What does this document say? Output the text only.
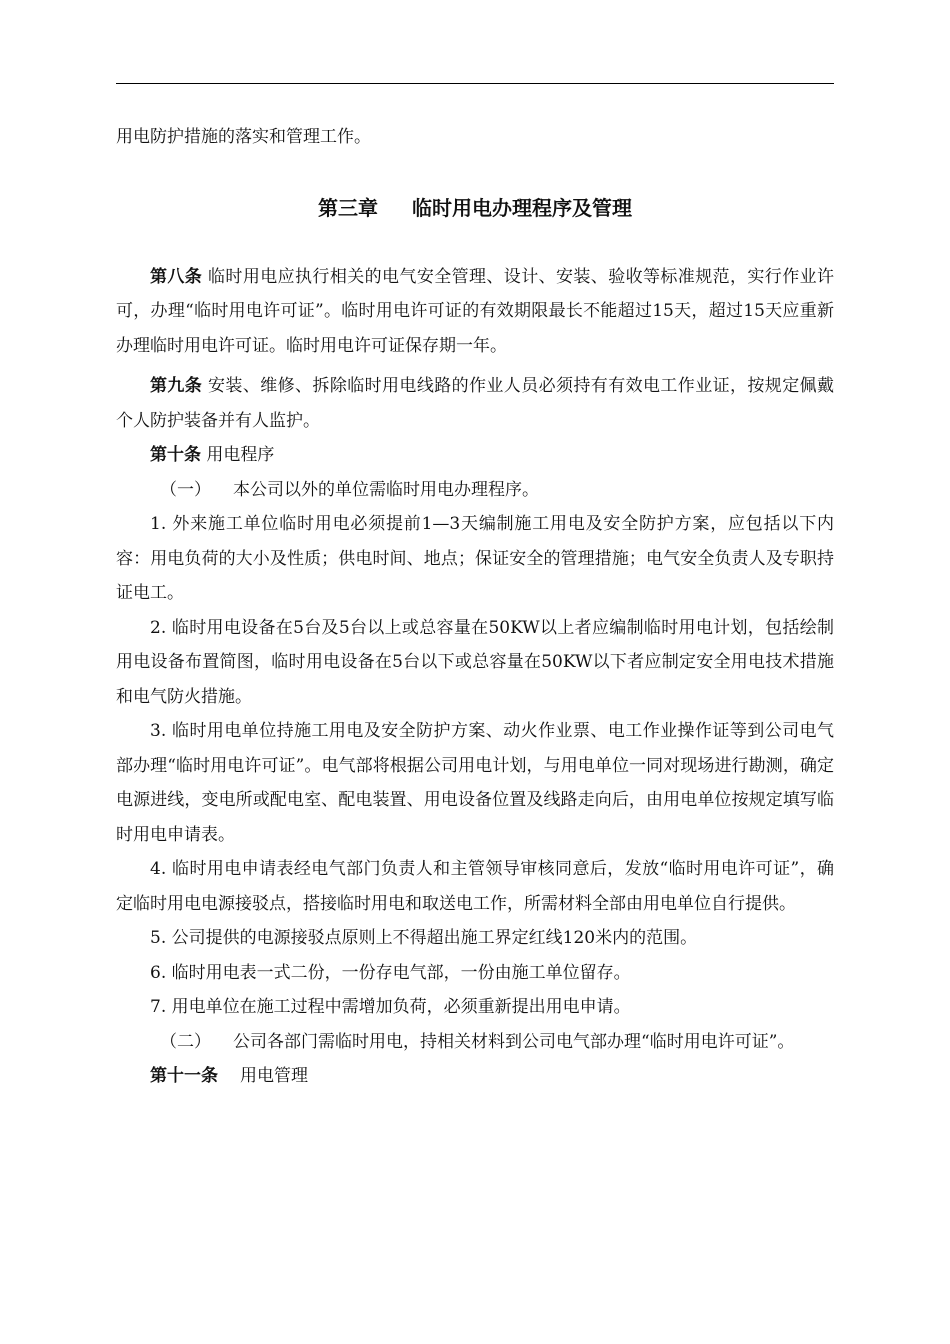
用电防护措施的落实和管理工作。

第三章 临时用电办理程序及管理

第八条 临时用电应执行相关的电气安全管理、设计、安装、验收等标准规范，实行作业许可，办理“临时用电许可证”。临时用电许可证的有效期限最长不能超过15天，超过15天应重新办理临时用电许可证。临时用电许可证保存期一年。

第九条 安装、维修、拆除临时用电线路的作业人员必须持有有效电工作业证，按规定佩戴个人防护装备并有人监护。

第十条 用电程序

（一） 本公司以外的单位需临时用电办理程序。

1. 外来施工单位临时用电必须提前1—3天编制施工用电及安全防护方案，应包括以下内容：用电负荷的大小及性质；供电时间、地点；保证安全的管理措施；电气安全负责人及专职持证电工。

2. 临时用电设备在5台及5台以上或总容量在50KW以上者应编制临时用电计划，包括绘制用电设备布置简图，临时用电设备在5台以下或总容量在50KW以下者应制定安全用电技术措施和电气防火措施。

3. 临时用电单位持施工用电及安全防护方案、动火作业票、电工作业操作证等到公司电气部办理“临时用电许可证”。电气部将根据公司用电计划，与用电单位一同对现场进行勘测，确定电源进线，变电所或配电室、配电装置、用电设备位置及线路走向后，由用电单位按规定填写临时用电申请表。

4. 临时用电申请表经电气部门负责人和主管领导审核同意后，发放“临时用电许可证”，确定临时用电电源接驳点，搭接临时用电和取送电工作，所需材料全部由用电单位自行提供。

5. 公司提供的电源接驳点原则上不得超出施工界定红线120米内的范围。

6. 临时用电表一式二份，一份存电气部，一份由施工单位留存。

7. 用电单位在施工过程中需增加负荷，必须重新提出用电申请。

（二） 公司各部门需临时用电，持相关材料到公司电气部办理“临时用电许可证”。

第十一条 用电管理
